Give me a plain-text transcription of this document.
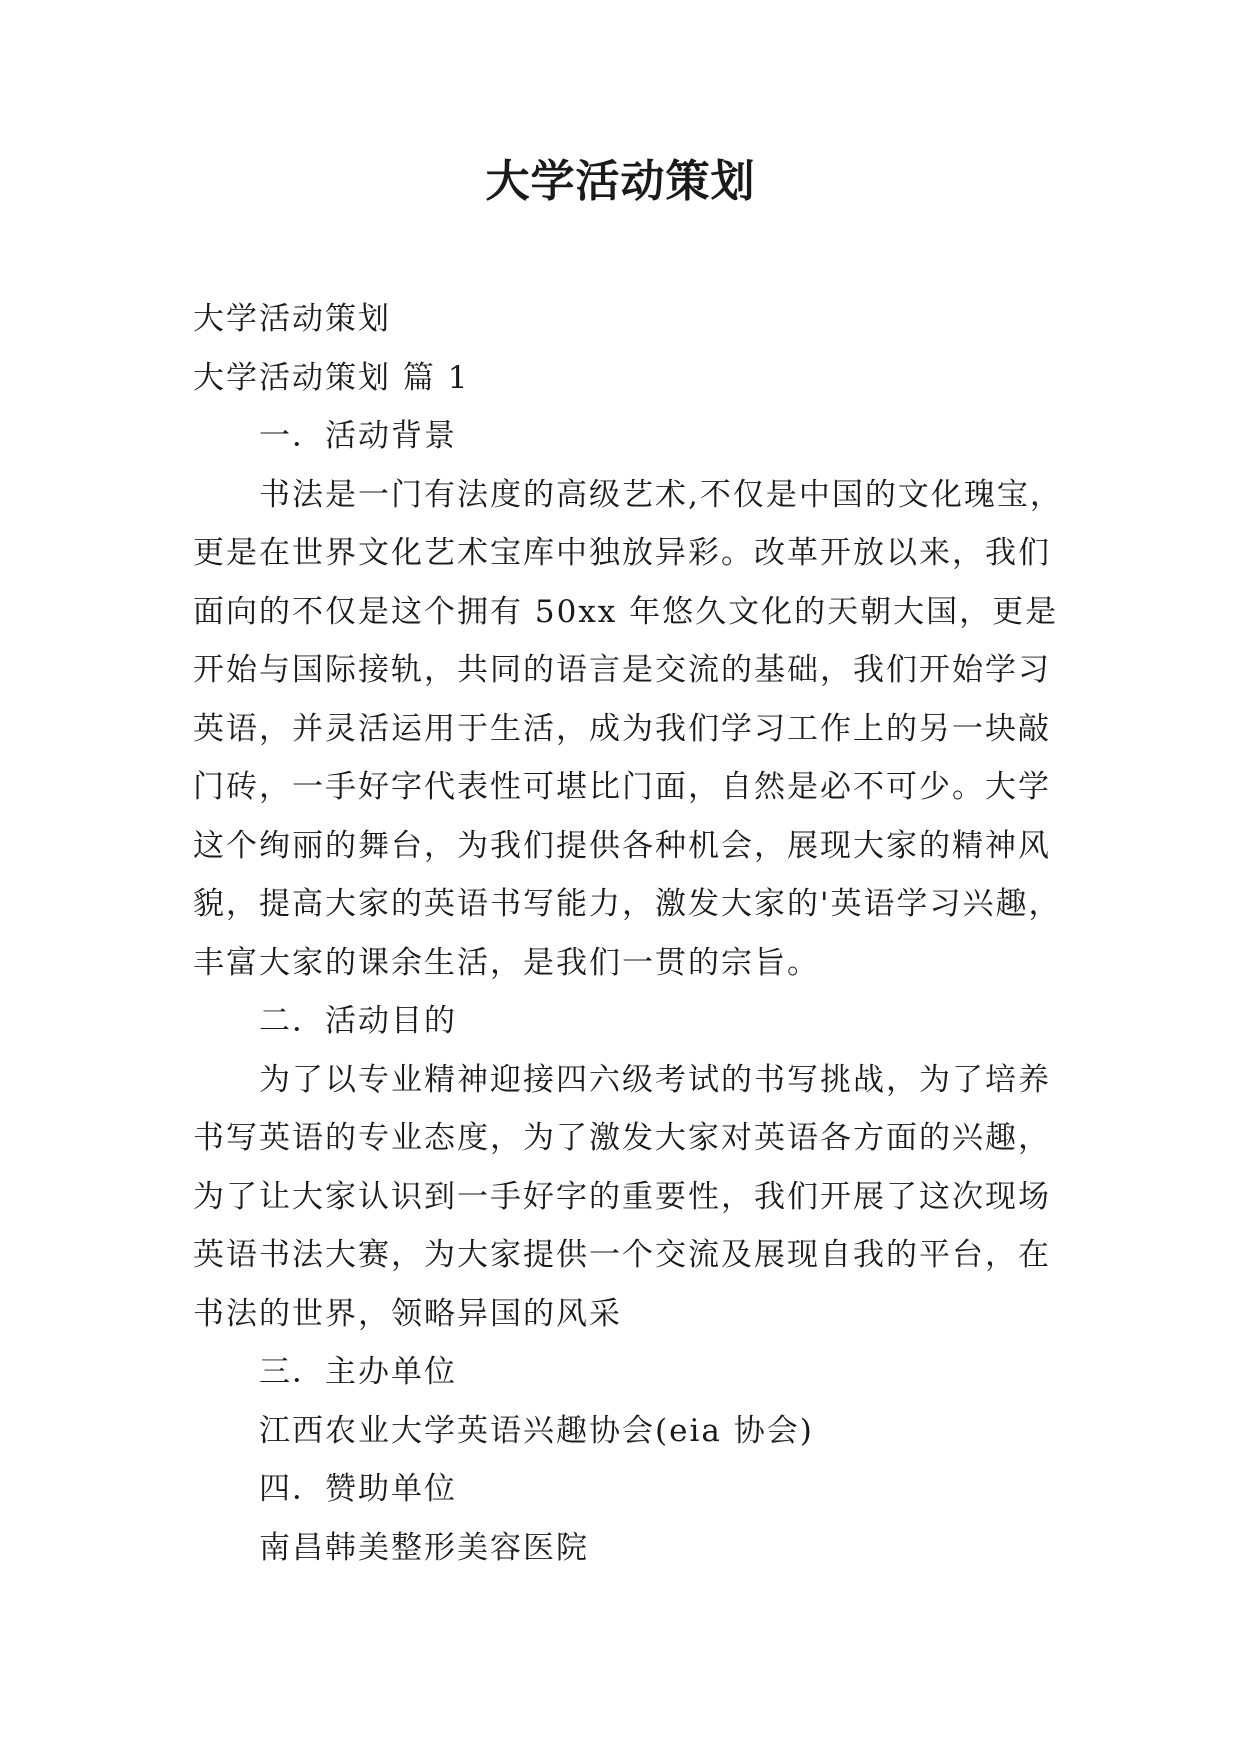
大学活动策划

大学活动策划

大学活动策划 篇 1

一．活动背景

书法是一门有法度的高级艺术,不仅是中国的文化瑰宝，

更是在世界文化艺术宝库中独放异彩。改革开放以来，我们

面向的不仅是这个拥有 50xx 年悠久文化的天朝大国，更是

开始与国际接轨，共同的语言是交流的基础，我们开始学习

英语，并灵活运用于生活，成为我们学习工作上的另一块敲

门砖，一手好字代表性可堪比门面，自然是必不可少。大学

这个绚丽的舞台，为我们提供各种机会，展现大家的精神风

貌，提高大家的英语书写能力，激发大家的'英语学习兴趣，

丰富大家的课余生活，是我们一贯的宗旨。

二．活动目的

为了以专业精神迎接四六级考试的书写挑战，为了培养

书写英语的专业态度，为了激发大家对英语各方面的兴趣，

为了让大家认识到一手好字的重要性，我们开展了这次现场

英语书法大赛，为大家提供一个交流及展现自我的平台，在

书法的世界，领略异国的风采

三．主办单位

江西农业大学英语兴趣协会(eia 协会)

四．赞助单位

南昌韩美整形美容医院
